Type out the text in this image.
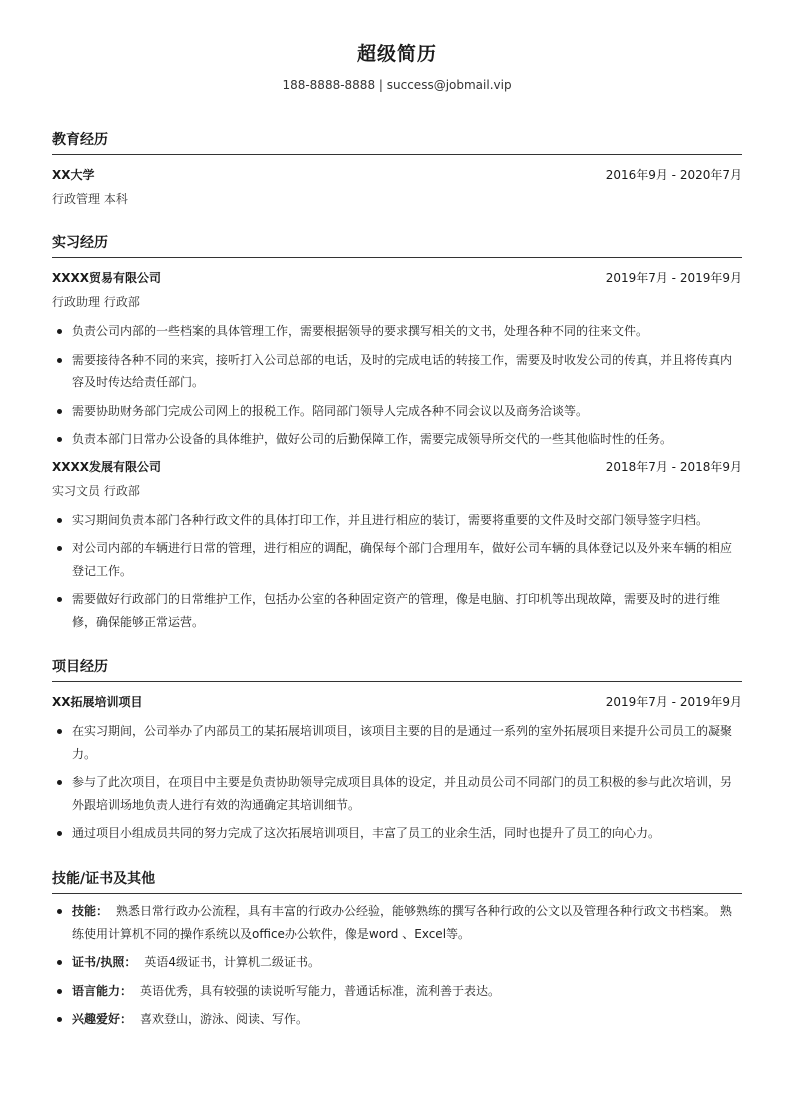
超级简历
188-8888-8888 | success@jobmail.vip
教育经历
XX大学	2016年9月 - 2020年7月
行政管理 本科
实习经历
XXXX贸易有限公司	2019年7月 - 2019年9月
行政助理 行政部
负责公司内部的一些档案的具体管理工作，需要根据领导的要求撰写相关的文书，处理各种不同的往来文件。
需要接待各种不同的来宾，接听打入公司总部的电话，及时的完成电话的转接工作，需要及时收发公司的传真，并且将传真内容及时传达给责任部门。
需要协助财务部门完成公司网上的报税工作。陪同部门领导人完成各种不同会议以及商务洽谈等。
负责本部门日常办公设备的具体维护，做好公司的后勤保障工作，需要完成领导所交代的一些其他临时性的任务。
XXXX发展有限公司	2018年7月 - 2018年9月
实习文员 行政部
实习期间负责本部门各种行政文件的具体打印工作，并且进行相应的装订，需要将重要的文件及时交部门领导签字归档。
对公司内部的车辆进行日常的管理，进行相应的调配，确保每个部门合理用车，做好公司车辆的具体登记以及外来车辆的相应登记工作。
需要做好行政部门的日常维护工作，包括办公室的各种固定资产的管理，像是电脑、打印机等出现故障，需要及时的进行维修，确保能够正常运营。
项目经历
XX拓展培训项目	2019年7月 - 2019年9月
在实习期间，公司举办了内部员工的某拓展培训项目，该项目主要的目的是通过一系列的室外拓展项目来提升公司员工的凝聚力。
参与了此次项目，在项目中主要是负责协助领导完成项目具体的设定，并且动员公司不同部门的员工积极的参与此次培训，另外跟培训场地负责人进行有效的沟通确定其培训细节。
通过项目小组成员共同的努力完成了这次拓展培训项目，丰富了员工的业余生活，同时也提升了员工的向心力。
技能/证书及其他
技能： 熟悉日常行政办公流程，具有丰富的行政办公经验，能够熟练的撰写各种行政的公文以及管理各种行政文书档案。 熟练使用计算机不同的操作系统以及office办公软件，像是word 、Excel等。
证书/执照： 英语4级证书，计算机二级证书。
语言能力： 英语优秀，具有较强的读说听写能力，普通话标准，流利善于表达。
兴趣爱好： 喜欢登山，游泳、阅读、写作。
